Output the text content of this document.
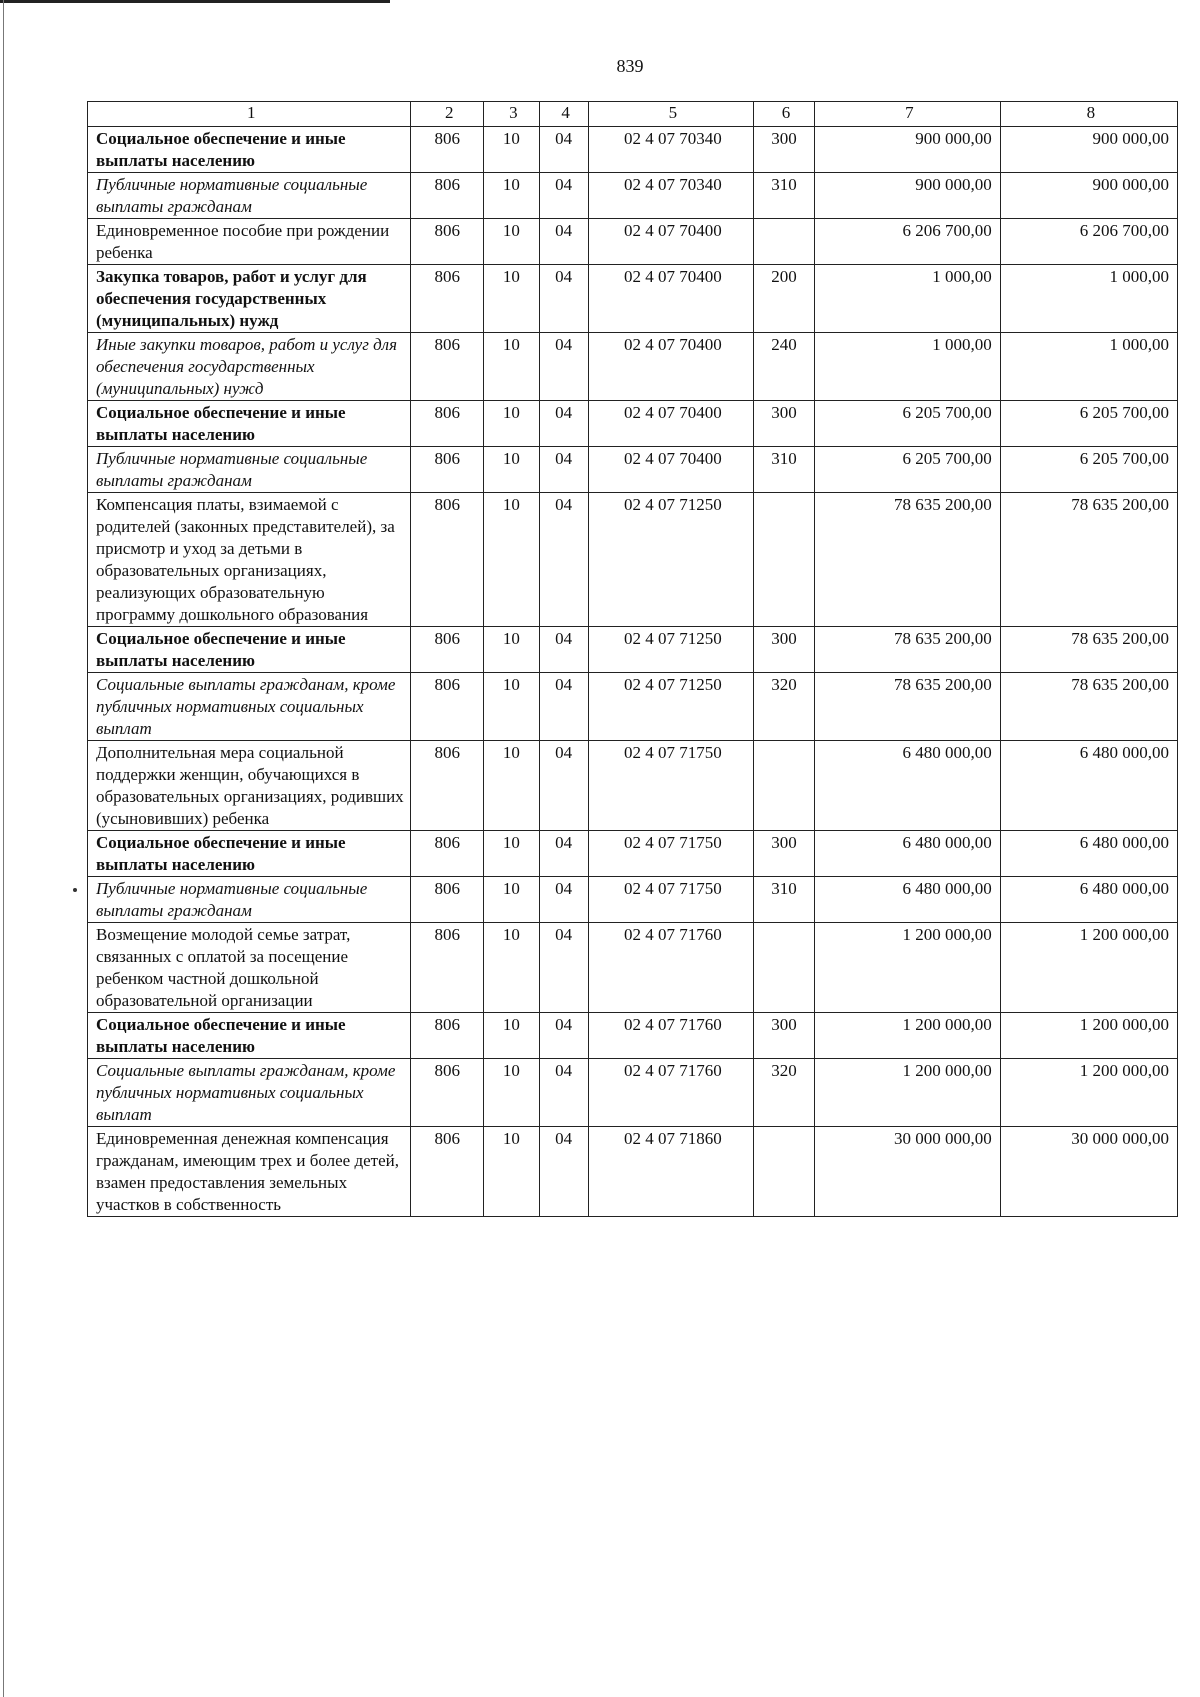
839
1	2	3	4	5	6	7	8
Социальное обеспечение и иные выплаты населению	806	10	04	02 4 07 70340	300	900 000,00	900 000,00
Публичные нормативные социальные выплаты гражданам	806	10	04	02 4 07 70340	310	900 000,00	900 000,00
Единовременное пособие при рождении ребенка	806	10	04	02 4 07 70400		6 206 700,00	6 206 700,00
Закупка товаров, работ и услуг для обеспечения государственных (муниципальных) нужд	806	10	04	02 4 07 70400	200	1 000,00	1 000,00
Иные закупки товаров, работ и услуг для обеспечения государственных (муниципальных) нужд	806	10	04	02 4 07 70400	240	1 000,00	1 000,00
Социальное обеспечение и иные выплаты населению	806	10	04	02 4 07 70400	300	6 205 700,00	6 205 700,00
Публичные нормативные социальные выплаты гражданам	806	10	04	02 4 07 70400	310	6 205 700,00	6 205 700,00
Компенсация платы, взимаемой с родителей (законных представителей), за присмотр и уход за детьми в образовательных организациях, реализующих образовательную программу дошкольного образования	806	10	04	02 4 07 71250		78 635 200,00	78 635 200,00
Социальное обеспечение и иные выплаты населению	806	10	04	02 4 07 71250	300	78 635 200,00	78 635 200,00
Социальные выплаты гражданам, кроме публичных нормативных социальных выплат	806	10	04	02 4 07 71250	320	78 635 200,00	78 635 200,00
Дополнительная мера социальной поддержки женщин, обучающихся в образовательных организациях, родивших (усыновивших) ребенка	806	10	04	02 4 07 71750		6 480 000,00	6 480 000,00
Социальное обеспечение и иные выплаты населению	806	10	04	02 4 07 71750	300	6 480 000,00	6 480 000,00
Публичные нормативные социальные выплаты гражданам	806	10	04	02 4 07 71750	310	6 480 000,00	6 480 000,00
Возмещение молодой семье затрат, связанных с оплатой за посещение ребенком частной дошкольной образовательной организации	806	10	04	02 4 07 71760		1 200 000,00	1 200 000,00
Социальное обеспечение и иные выплаты населению	806	10	04	02 4 07 71760	300	1 200 000,00	1 200 000,00
Социальные выплаты гражданам, кроме публичных нормативных социальных выплат	806	10	04	02 4 07 71760	320	1 200 000,00	1 200 000,00
Единовременная денежная компенсация гражданам, имеющим трех и более детей, взамен предоставления земельных участков в собственность	806	10	04	02 4 07 71860		30 000 000,00	30 000 000,00
